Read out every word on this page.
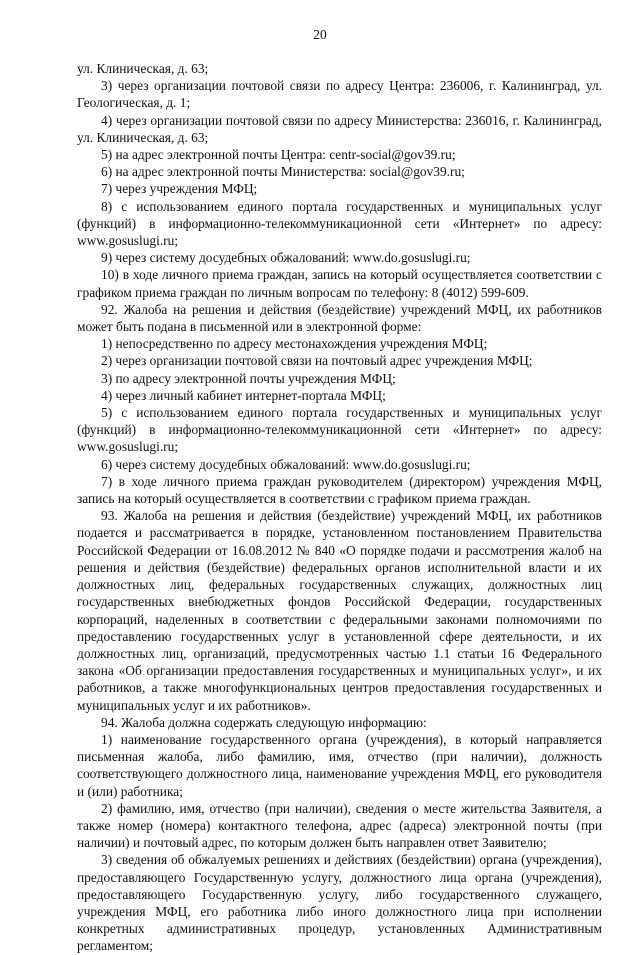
20

ул. Клиническая, д. 63;

3) через организации почтовой связи по адресу Центра: 236006, г. Калининград, ул. Геологическая, д. 1;

4) через организации почтовой связи по адресу Министерства: 236016, г. Калининград, ул. Клиническая, д. 63;

5) на адрес электронной почты Центра: centr-social@gov39.ru;

6) на адрес электронной почты Министерства: social@gov39.ru;

7) через учреждения МФЦ;

8) с использованием единого портала государственных и муниципальных услуг (функций) в информационно-телекоммуникационной сети «Интернет» по адресу: www.gosuslugi.ru;

9) через систему досудебных обжалований: www.do.gosuslugi.ru;

10) в ходе личного приема граждан, запись на который осуществляется соответствии с графиком приема граждан по личным вопросам по телефону: 8 (4012) 599-609.

92. Жалоба на решения и действия (бездействие) учреждений МФЦ, их работников может быть подана в письменной или в электронной форме:

1) непосредственно по адресу местонахождения учреждения МФЦ;

2) через организации почтовой связи на почтовый адрес учреждения МФЦ;

3) по адресу электронной почты учреждения МФЦ;

4) через личный кабинет интернет-портала МФЦ;

5) с использованием единого портала государственных и муниципальных услуг (функций) в информационно-телекоммуникационной сети «Интернет» по адресу: www.gosuslugi.ru;

6) через систему досудебных обжалований: www.do.gosuslugi.ru;

7) в ходе личного приема граждан руководителем (директором) учреждения МФЦ, запись на который осуществляется в соответствии с графиком приема граждан.

93. Жалоба на решения и действия (бездействие) учреждений МФЦ, их работников подается и рассматривается в порядке, установленном постановлением Правительства Российской Федерации от 16.08.2012 № 840 «О порядке подачи и рассмотрения жалоб на решения и действия (бездействие) федеральных органов исполнительной власти и их должностных лиц, федеральных государственных служащих, должностных лиц государственных внебюджетных фондов Российской Федерации, государственных корпораций, наделенных в соответствии с федеральными законами полномочиями по предоставлению государственных услуг в установленной сфере деятельности, и их должностных лиц, организаций, предусмотренных частью 1.1 статьи 16 Федерального закона «Об организации предоставления государственных и муниципальных услуг», и их работников, а также многофункциональных центров предоставления государственных и муниципальных услуг и их работников».

94. Жалоба должна содержать следующую информацию:

1) наименование государственного органа (учреждения), в который направляется письменная жалоба, либо фамилию, имя, отчество (при наличии), должность соответствующего должностного лица, наименование учреждения МФЦ, его руководителя и (или) работника;

2) фамилию, имя, отчество (при наличии), сведения о месте жительства Заявителя, а также номер (номера) контактного телефона, адрес (адреса) электронной почты (при наличии) и почтовый адрес, по которым должен быть направлен ответ Заявителю;

3) сведения об обжалуемых решениях и действиях (бездействии) органа (учреждения), предоставляющего Государственную услугу, должностного лица органа (учреждения), предоставляющего Государственную услугу, либо государственного служащего, учреждения МФЦ, его работника либо иного должностного лица при исполнении конкретных административных процедур, установленных Административным регламентом;
